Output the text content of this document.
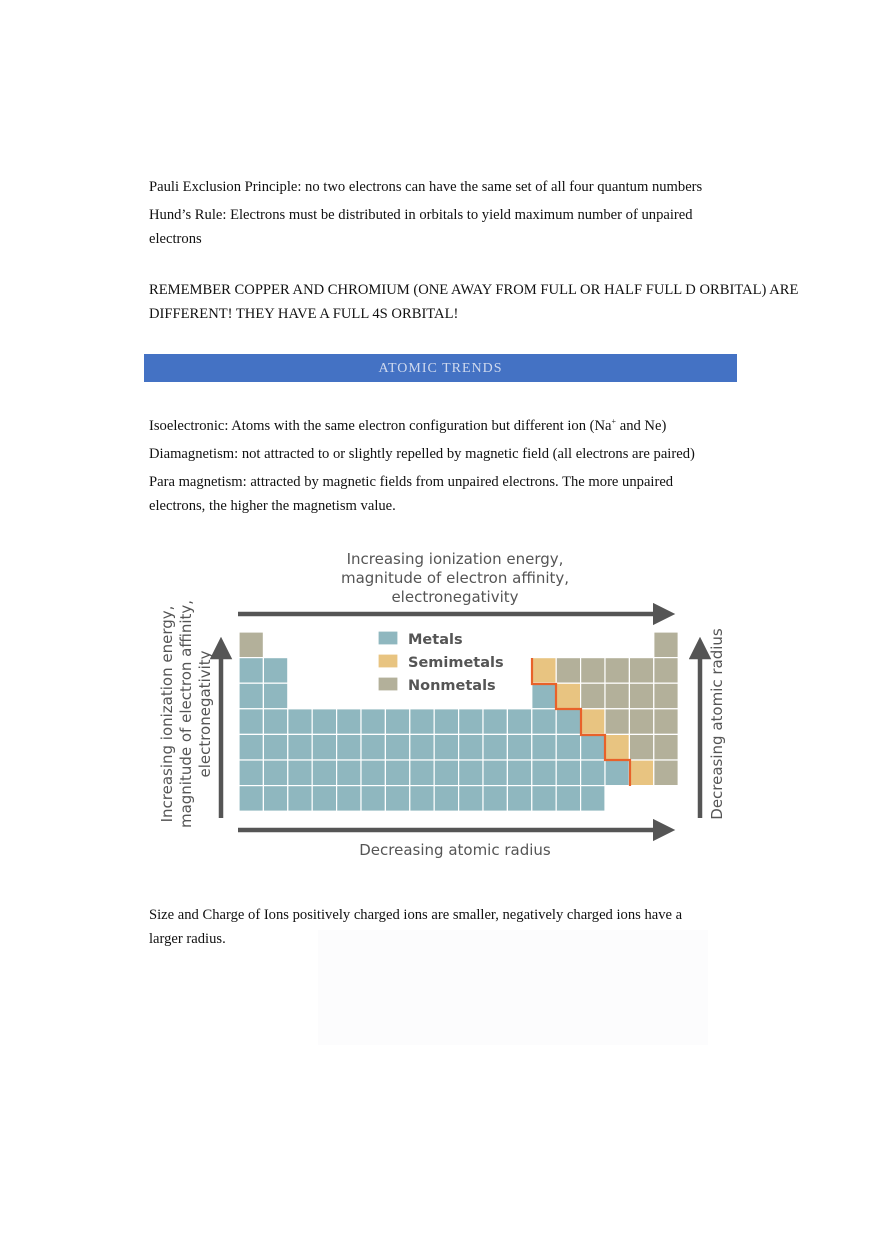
Pauli Exclusion Principle: no two electrons can have the same set of all four quantum numbers

Hund’s Rule: Electrons must be distributed in orbitals to yield maximum number of unpaired
electrons

REMEMBER COPPER AND CHROMIUM (ONE AWAY FROM FULL OR HALF FULL D ORBITAL) ARE
DIFFERENT! THEY HAVE A FULL 4S ORBITAL!

ATOMIC TRENDS

Isoelectronic: Atoms with the same electron configuration but different ion (Na+ and Ne)

Diamagnetism: not attracted to or slightly repelled by magnetic field (all electrons are paired)

Para magnetism: attracted by magnetic fields from unpaired electrons. The more unpaired
electrons, the higher the magnetism value.

Increasing ionization energy,
magnitude of electron affinity,
electronegativity
Increasing ionization energy, magnitude of electron affinity, electronegativity	Decreasing atomic radius
Decreasing atomic radius
Metals
Semimetals
Nonmetals

Size and Charge of Ions positively charged ions are smaller, negatively charged ions have a
larger radius.
